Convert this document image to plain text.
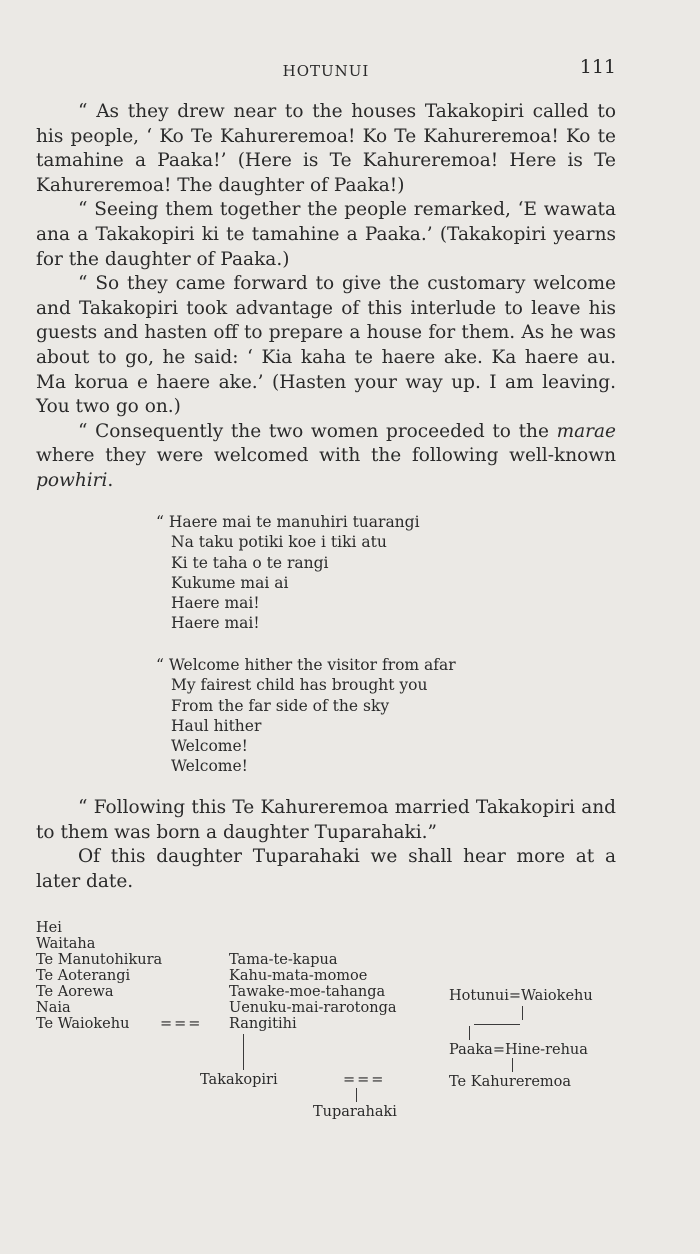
HOTUNUI	111

“ As they drew near to the houses Takakopiri called to his people, ‘ Ko Te Kahureremoa! Ko Te Kahureremoa! Ko te tamahine a Paaka!’ (Here is Te Kahureremoa! Here is Te Kahureremoa! The daughter of Paaka!)

“ Seeing them together the people remarked, ‘E wawata ana a Takakopiri ki te tamahine a Paaka.’ (Takakopiri yearns for the daughter of Paaka.)

“ So they came forward to give the customary welcome and Takakopiri took advantage of this interlude to leave his guests and hasten off to prepare a house for them. As he was about to go, he said: ‘ Kia kaha te haere ake. Ka haere au. Ma korua e haere ake.’ (Hasten your way up. I am leaving. You two go on.)

“ Consequently the two women proceeded to the marae where they were welcomed with the following well-known powhiri.

“ Haere mai te manuhiri tuarangi
Na taku potiki koe i tiki atu
Ki te taha o te rangi
Kukume mai ai
Haere mai!
Haere mai!
“ Welcome hither the visitor from afar
My fairest child has brought you
From the far side of the sky
Haul hither
Welcome!
Welcome!

“ Following this Te Kahureremoa married Takakopiri and to them was born a daughter Tuparahaki.”

Of this daughter Tuparahaki we shall hear more at a later date.

Hei
Waitaha
Te Manutohikura
Te Aoterangi
Te Aorewa
Naia
Te Waiokehu ===
Tama-te-kapua
Kahu-mata-momoe
Tawake-moe-tahanga
Uenuku-mai-rarotonga
Rangitihi
Hotunui=Waiokehu
Paaka=Hine-rehua
Te Kahureremoa
Takakopiri	===
Tuparahaki
